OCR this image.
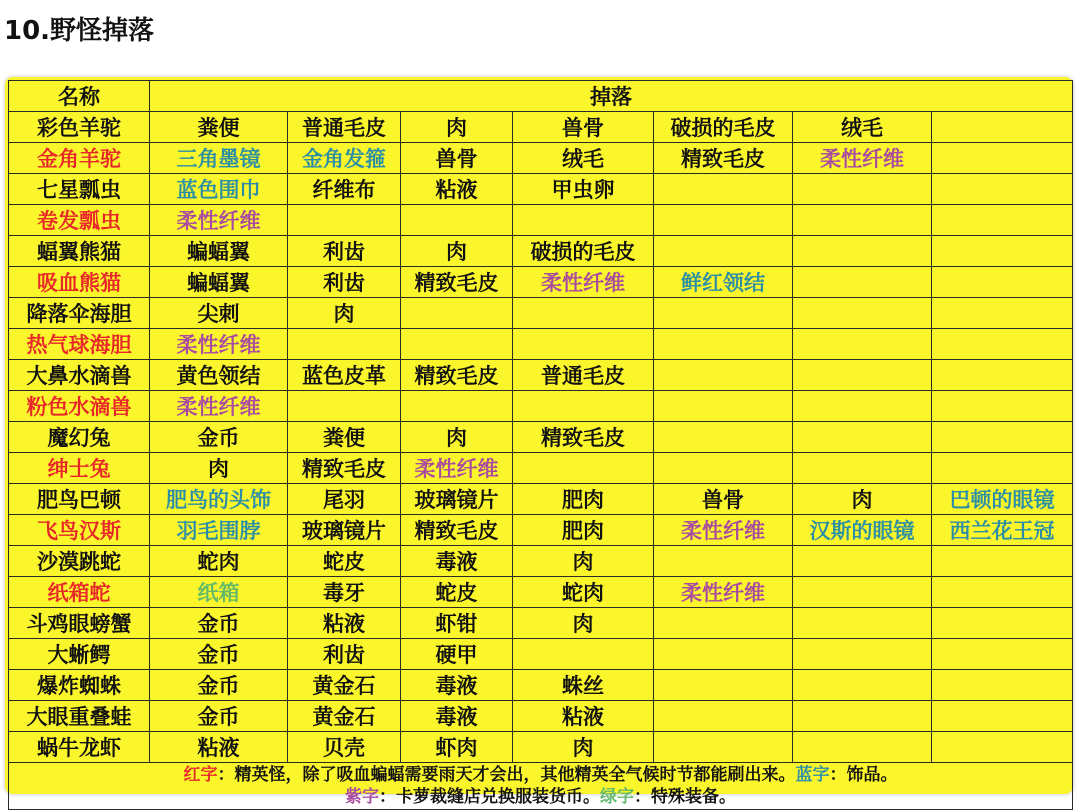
10.野怪掉落
名称	掉落						
彩色羊驼	粪便	普通毛皮	肉	兽骨	破损的毛皮	绒毛	
金角羊驼	三角墨镜	金角发箍	兽骨	绒毛	精致毛皮	柔性纤维	
七星瓢虫	蓝色围巾	纤维布	粘液	甲虫卵			
卷发瓢虫	柔性纤维						
蝠翼熊猫	蝙蝠翼	利齿	肉	破损的毛皮			
吸血熊猫	蝙蝠翼	利齿	精致毛皮	柔性纤维	鲜红领结		
降落伞海胆	尖刺	肉					
热气球海胆	柔性纤维						
大鼻水滴兽	黄色领结	蓝色皮革	精致毛皮	普通毛皮			
粉色水滴兽	柔性纤维						
魔幻兔	金币	粪便	肉	精致毛皮			
绅士兔	肉	精致毛皮	柔性纤维				
肥鸟巴顿	肥鸟的头饰	尾羽	玻璃镜片	肥肉	兽骨	肉	巴顿的眼镜
飞鸟汉斯	羽毛围脖	玻璃镜片	精致毛皮	肥肉	柔性纤维	汉斯的眼镜	西兰花王冠
沙漠跳蛇	蛇肉	蛇皮	毒液	肉			
纸箱蛇	纸箱	毒牙	蛇皮	蛇肉	柔性纤维		
斗鸡眼螃蟹	金币	粘液	虾钳	肉			
大蜥鳄	金币	利齿	硬甲				
爆炸蜘蛛	金币	黄金石	毒液	蛛丝			
大眼重叠蛙	金币	黄金石	毒液	粘液			
蜗牛龙虾	粘液	贝壳	虾肉	肉			

红字：精英怪，除了吸血蝙蝠需要雨天才会出，其他精英全气候时节都能刷出来。蓝字：饰品。
紫字：卡萝裁缝店兑换服装货币。绿字：特殊装备。							
